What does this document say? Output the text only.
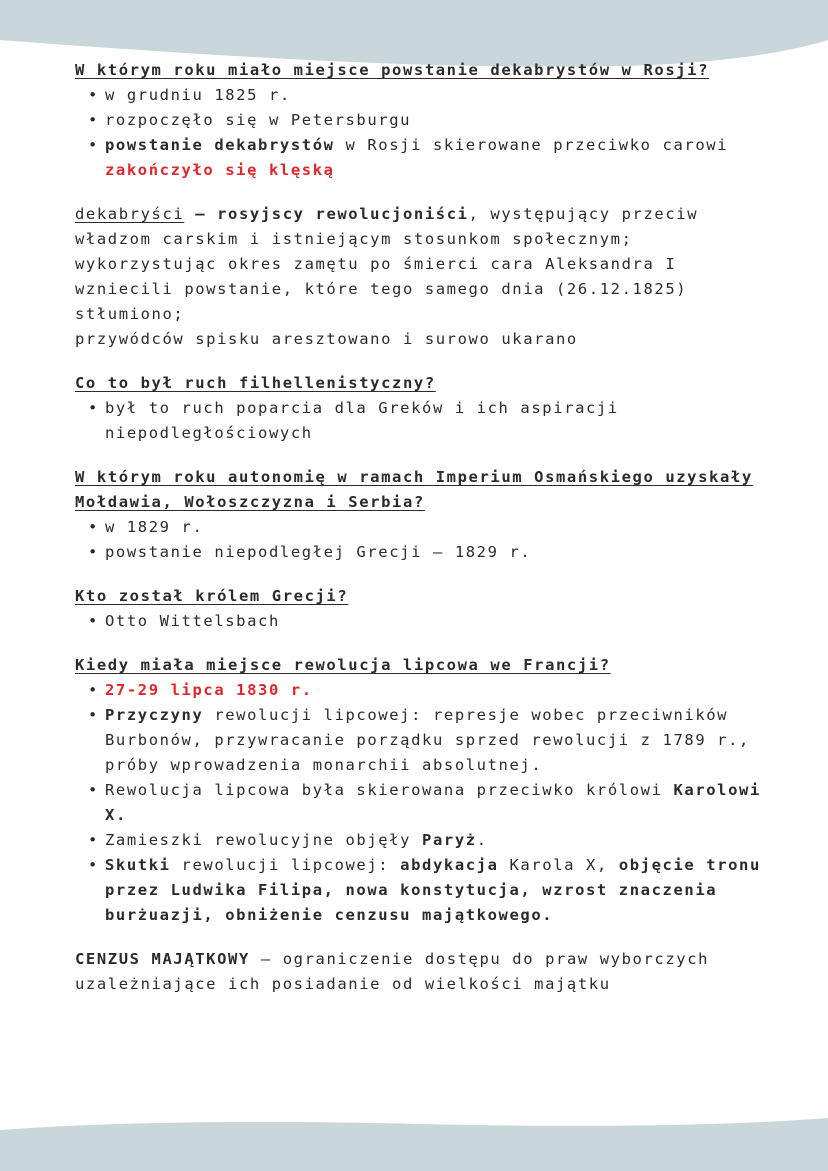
W którym roku miało miejsce powstanie dekabrystów w Rosji?

• w grudniu 1825 r.
• rozpoczęło się w Petersburgu
• powstanie dekabrystów w Rosji skierowane przeciwko carowi zakończyło się klęską

dekabryści – rosyjscy rewolucjoniści, występujący przeciw władzom carskim i istniejącym stosunkom społecznym;

wykorzystując okres zamętu po śmierci cara Aleksandra I wzniecili powstanie, które tego samego dnia (26.12.1825) stłumiono;

przywódców spisku aresztowano i surowo ukarano

Co to był ruch filhellenistyczny?

• był to ruch poparcia dla Greków i ich aspiracji niepodległościowych

W którym roku autonomię w ramach Imperium Osmańskiego uzyskały Mołdawia, Wołoszczyzna i Serbia?

• w 1829 r.
• powstanie niepodległej Grecji – 1829 r.

Kto został królem Grecji?

• Otto Wittelsbach

Kiedy miała miejsce rewolucja lipcowa we Francji?

• 27-29 lipca 1830 r.
• Przyczyny rewolucji lipcowej: represje wobec przeciwników Burbonów, przywracanie porządku sprzed rewolucji z 1789 r., próby wprowadzenia monarchii absolutnej.
• Rewolucja lipcowa była skierowana przeciwko królowi Karolowi X.
• Zamieszki rewolucyjne objęły Paryż.
• Skutki rewolucji lipcowej: abdykacja Karola X, objęcie tronu przez Ludwika Filipa, nowa konstytucja, wzrost znaczenia burżuazji, obniżenie cenzusu majątkowego.

CENZUS MAJĄTKOWY – ograniczenie dostępu do praw wyborczych uzależniające ich posiadanie od wielkości majątku
